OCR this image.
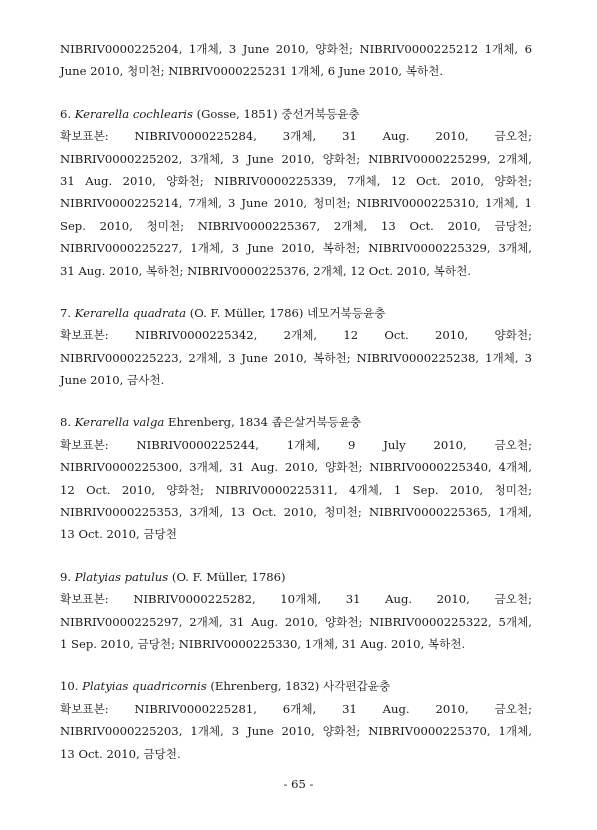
NIBRIV0000225204, 1개체, 3 June 2010, 양화천; NIBRIV0000225212 1개체, 6
June 2010, 청미천; NIBRIV0000225231 1개체, 6 June 2010, 복하천.
6. Kerarella cochlearis (Gosse, 1851) 중선거북등윤충
확보표본: NIBRIV0000225284, 3개체, 31 Aug. 2010, 금오천;
NIBRIV0000225202, 3개체, 3 June 2010, 양화천; NIBRIV0000225299, 2개체,
31 Aug. 2010, 양화천; NIBRIV0000225339, 7개체, 12 Oct. 2010, 양화천;
NIBRIV0000225214, 7개체, 3 June 2010, 청미천; NIBRIV0000225310, 1개체, 1
Sep. 2010, 청미천; NIBRIV0000225367, 2개체, 13 Oct. 2010, 금당천;
NIBRIV0000225227, 1개체, 3 June 2010, 복하천; NIBRIV0000225329, 3개체,
31 Aug. 2010, 복하천; NIBRIV0000225376, 2개체, 12 Oct. 2010, 복하천.
7. Kerarella quadrata (O. F. Müller, 1786) 네모거북등윤충
확보표본: NIBRIV0000225342, 2개체, 12 Oct. 2010, 양화천;
NIBRIV0000225223, 2개체, 3 June 2010, 복하천; NIBRIV0000225238, 1개체, 3
June 2010, 금사천.
8. Kerarella valga Ehrenberg, 1834 좁은살거북등윤충
확보표본: NIBRIV0000225244, 1개체, 9 July 2010, 금오천;
NIBRIV0000225300, 3개체, 31 Aug. 2010, 양화천; NIBRIV0000225340, 4개체,
12 Oct. 2010, 양화천; NIBRIV0000225311, 4개체, 1 Sep. 2010, 청미천;
NIBRIV0000225353, 3개체, 13 Oct. 2010, 청미천; NIBRIV0000225365, 1개체,
13 Oct. 2010, 금당천
9. Platyias patulus (O. F. Müller, 1786)
확보표본: NIBRIV0000225282, 10개체, 31 Aug. 2010, 금오천;
NIBRIV0000225297, 2개체, 31 Aug. 2010, 양화천; NIBRIV0000225322, 5개체,
1 Sep. 2010, 금당천; NIBRIV0000225330, 1개체, 31 Aug. 2010, 복하천.
10. Platyias quadricornis (Ehrenberg, 1832) 사각편갑윤충
확보표본: NIBRIV0000225281, 6개체, 31 Aug. 2010, 금오천;
NIBRIV0000225203, 1개체, 3 June 2010, 양화천; NIBRIV0000225370, 1개체,
13 Oct. 2010, 금당천.
- 65 -
